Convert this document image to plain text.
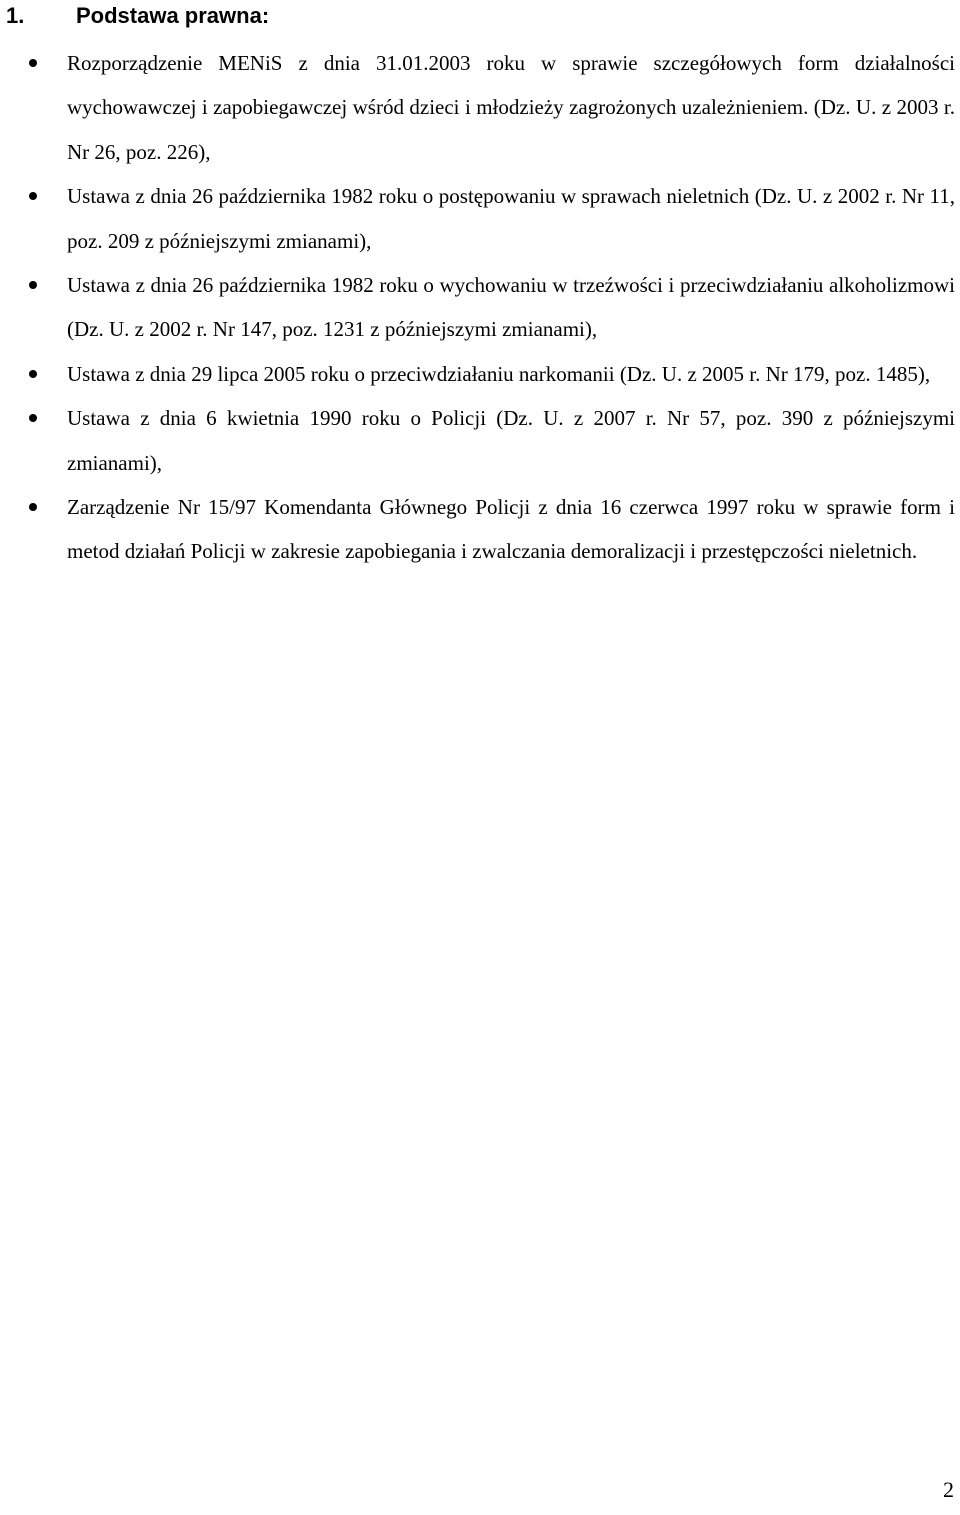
1. Podstawa prawna:
Rozporządzenie MENiS z dnia 31.01.2003 roku w sprawie szczegółowych form działalności wychowawczej i zapobiegawczej wśród dzieci i młodzieży zagrożonych uzależnieniem. (Dz. U. z 2003 r. Nr 26, poz. 226),
Ustawa z dnia 26 października 1982 roku o postępowaniu w sprawach nieletnich (Dz. U. z 2002 r. Nr 11, poz. 209 z późniejszymi zmianami),
Ustawa z dnia 26 października 1982 roku o wychowaniu w trzeźwości i przeciwdziałaniu alkoholizmowi (Dz. U. z 2002 r. Nr 147, poz. 1231 z późniejszymi zmianami),
Ustawa z dnia 29 lipca 2005 roku o przeciwdziałaniu narkomanii (Dz. U. z 2005 r. Nr 179, poz. 1485),
Ustawa z dnia 6 kwietnia 1990 roku o Policji (Dz. U. z 2007 r. Nr 57, poz. 390 z późniejszymi zmianami),
Zarządzenie Nr 15/97 Komendanta Głównego Policji z dnia 16 czerwca 1997 roku w sprawie form i metod działań Policji w zakresie zapobiegania i zwalczania demoralizacji i przestępczości nieletnich.
2
